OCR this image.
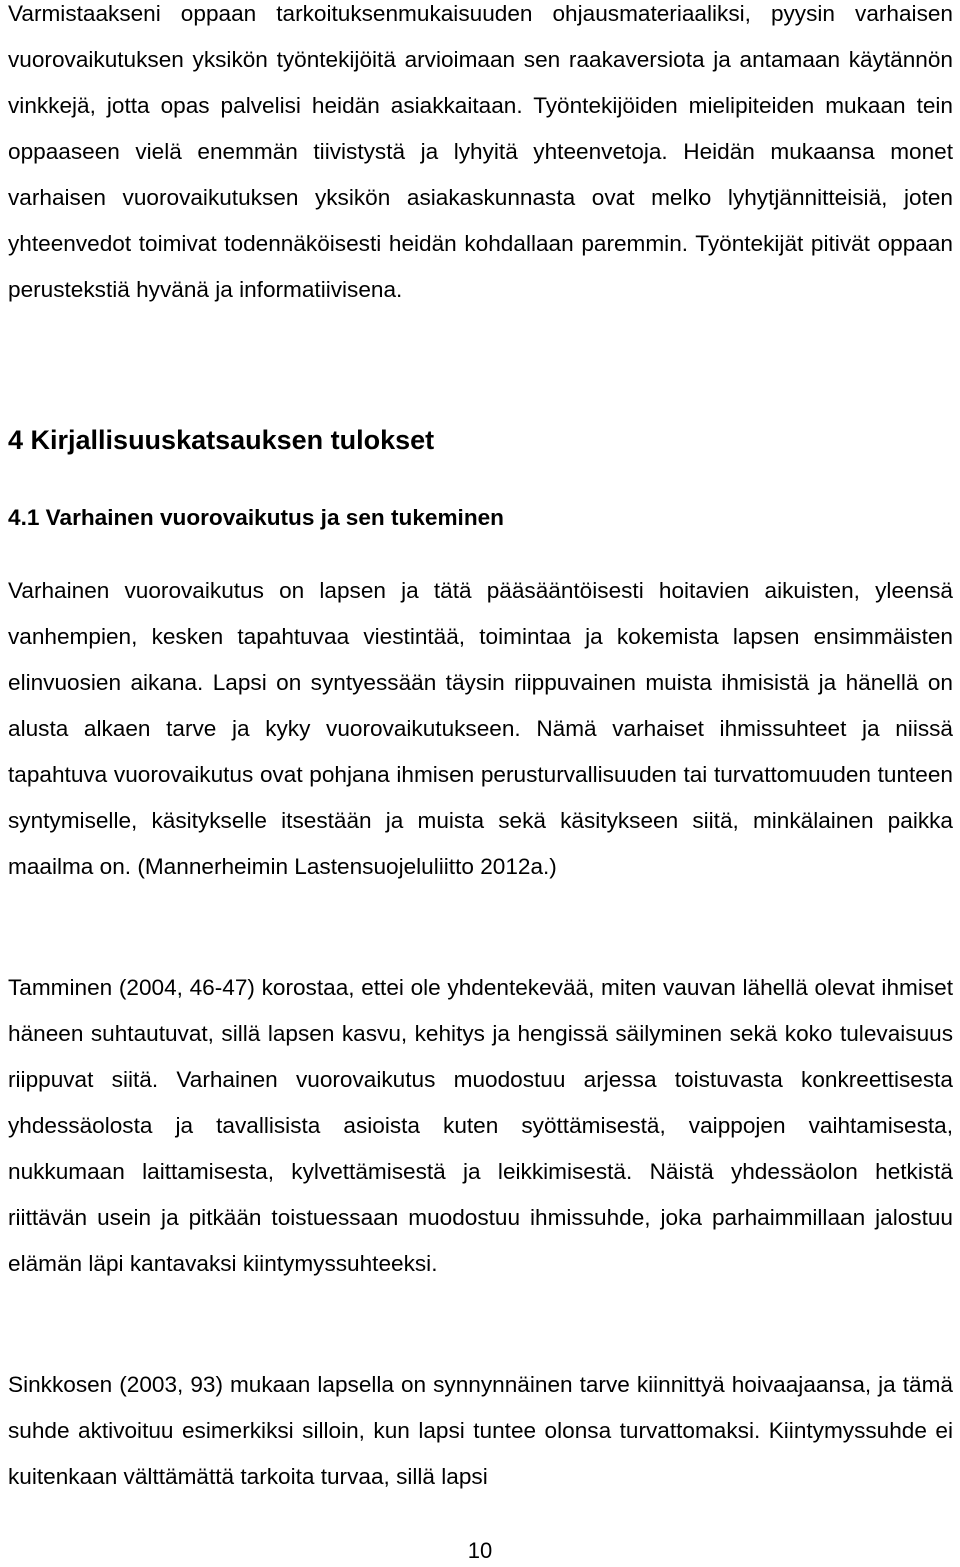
Varmistaakseni oppaan tarkoituksenmukaisuuden ohjausmateriaaliksi, pyysin varhaisen vuorovaikutuksen yksikön työntekijöitä arvioimaan sen raakaversiota ja antamaan käytännön vinkkejä, jotta opas palvelisi heidän asiakkaitaan. Työntekijöiden mielipiteiden mukaan tein oppaaseen vielä enemmän tiivistystä ja lyhyitä yhteenvetoja. Heidän mukaansa monet varhaisen vuorovaikutuksen yksikön asiakaskunnasta ovat melko lyhytjännitteisiä, joten yhteenvedot toimivat todennäköisesti heidän kohdallaan paremmin. Työntekijät pitivät oppaan perustekstiä hyvänä ja informatiivisena.

4 Kirjallisuuskatsauksen tulokset
4.1 Varhainen vuorovaikutus ja sen tukeminen

Varhainen vuorovaikutus on lapsen ja tätä pääsääntöisesti hoitavien aikuisten, yleensä vanhempien, kesken tapahtuvaa viestintää, toimintaa ja kokemista lapsen ensimmäisten elinvuosien aikana. Lapsi on syntyessään täysin riippuvainen muista ihmisistä ja hänellä on alusta alkaen tarve ja kyky vuorovaikutukseen. Nämä varhaiset ihmissuhteet ja niissä tapahtuva vuorovaikutus ovat pohjana ihmisen perusturvallisuuden tai turvattomuuden tunteen syntymiselle, käsitykselle itsestään ja muista sekä käsitykseen siitä, minkälainen paikka maailma on. (Mannerheimin Lastensuojeluliitto 2012a.)

Tamminen (2004, 46-47) korostaa, ettei ole yhdentekevää, miten vauvan lähellä olevat ihmiset häneen suhtautuvat, sillä lapsen kasvu, kehitys ja hengissä säilyminen sekä koko tulevaisuus riippuvat siitä. Varhainen vuorovaikutus muodostuu arjessa toistuvasta konkreettisesta yhdessäolosta ja tavallisista asioista kuten syöttämisestä, vaippojen vaihtamisesta, nukkumaan laittamisesta, kylvettämisestä ja leikkimisestä. Näistä yhdessäolon hetkistä riittävän usein ja pitkään toistuessaan muodostuu ihmissuhde, joka parhaimmillaan jalostuu elämän läpi kantavaksi kiintymyssuhteeksi.

Sinkkosen (2003, 93) mukaan lapsella on synnynnäinen tarve kiinnittyä hoivaajaansa, ja tämä suhde aktivoituu esimerkiksi silloin, kun lapsi tuntee olonsa turvattomaksi. Kiintymyssuhde ei kuitenkaan välttämättä tarkoita turvaa, sillä lapsi

10
